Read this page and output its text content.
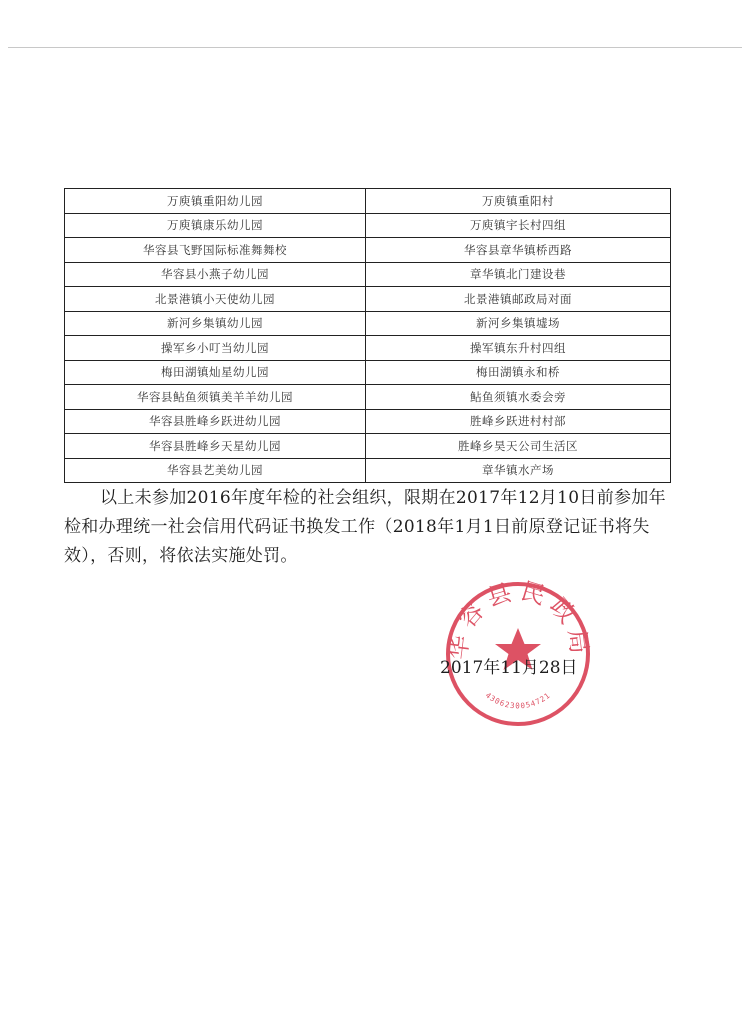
万庾镇重阳幼儿园	万庾镇重阳村
万庾镇康乐幼儿园	万庾镇宇长村四组
华容县飞野国际标准舞舞校	华容县章华镇桥西路
华容县小燕子幼儿园	章华镇北门建设巷
北景港镇小天使幼儿园	北景港镇邮政局对面
新河乡集镇幼儿园	新河乡集镇墟场
操军乡小叮当幼儿园	操军镇东升村四组
梅田湖镇灿星幼儿园	梅田湖镇永和桥
华容县鲇鱼须镇美羊羊幼儿园	鲇鱼须镇水委会旁
华容县胜峰乡跃进幼儿园	胜峰乡跃进村村部
华容县胜峰乡天星幼儿园	胜峰乡昊天公司生活区
华容县艺美幼儿园	章华镇水产场
以上未参加2016年度年检的社会组织，限期在2017年12月10日前参加年检和办理统一社会信用代码证书换发工作（2018年1月1日前原登记证书将失效），否则，将依法实施处罚。
2017年11月28日
华容县民政局
4306230054721
